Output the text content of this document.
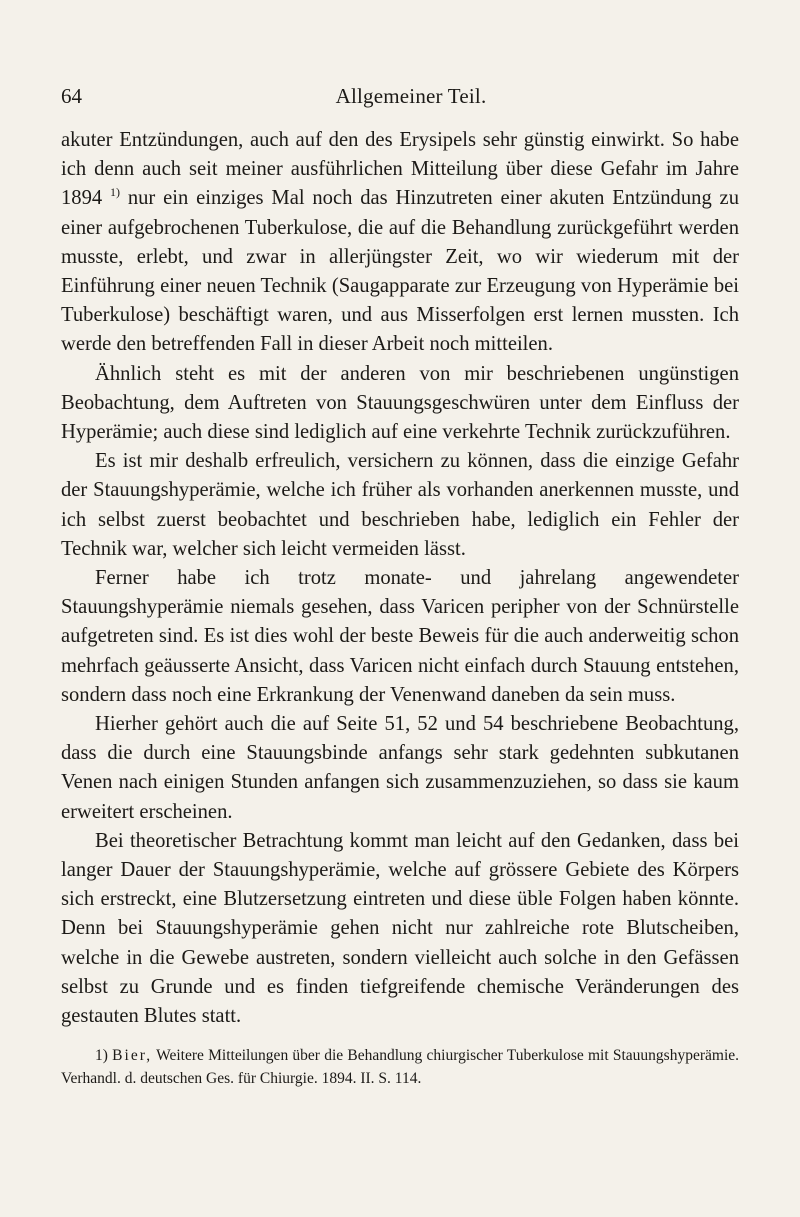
64	Allgemeiner Teil.

akuter Entzündungen, auch auf den des Erysipels sehr günstig einwirkt. So habe ich denn auch seit meiner ausführlichen Mitteilung über diese Gefahr im Jahre 1894 $^{1)}$ nur ein einziges Mal noch das Hinzutreten einer akuten Entzündung zu einer aufgebrochenen Tuberkulose, die auf die Behandlung zurückgeführt werden musste, erlebt, und zwar in allerjüngster Zeit, wo wir wiederum mit der Einführung einer neuen Technik (Saugapparate zur Erzeugung von Hyperämie bei Tuberkulose) beschäftigt waren, und aus Misserfolgen erst lernen mussten. Ich werde den betreffenden Fall in dieser Arbeit noch mitteilen.

Ähnlich steht es mit der anderen von mir beschriebenen ungünstigen Beobachtung, dem Auftreten von Stauungsgeschwüren unter dem Einfluss der Hyperämie; auch diese sind lediglich auf eine verkehrte Technik zurückzuführen.

Es ist mir deshalb erfreulich, versichern zu können, dass die einzige Gefahr der Stauungshyperämie, welche ich früher als vorhanden anerkennen musste, und ich selbst zuerst beobachtet und beschrieben habe, lediglich ein Fehler der Technik war, welcher sich leicht vermeiden lässt.

Ferner habe ich trotz monate- und jahrelang angewendeter Stauungshyperämie niemals gesehen, dass Varicen peripher von der Schnürstelle aufgetreten sind. Es ist dies wohl der beste Beweis für die auch anderweitig schon mehrfach geäusserte Ansicht, dass Varicen nicht einfach durch Stauung entstehen, sondern dass noch eine Erkrankung der Venenwand daneben da sein muss.

Hierher gehört auch die auf Seite 51, 52 und 54 beschriebene Beobachtung, dass die durch eine Stauungsbinde anfangs sehr stark gedehnten subkutanen Venen nach einigen Stunden anfangen sich zusammenzuziehen, so dass sie kaum erweitert erscheinen.

Bei theoretischer Betrachtung kommt man leicht auf den Gedanken, dass bei langer Dauer der Stauungshyperämie, welche auf grössere Gebiete des Körpers sich erstreckt, eine Blutzersetzung eintreten und diese üble Folgen haben könnte. Denn bei Stauungshyperämie gehen nicht nur zahlreiche rote Blutscheiben, welche in die Gewebe austreten, sondern vielleicht auch solche in den Gefässen selbst zu Grunde und es finden tiefgreifende chemische Veränderungen des gestauten Blutes statt.

1) Bier, Weitere Mitteilungen über die Behandlung chiurgischer Tuberkulose mit Stauungshyperämie. Verhandl. d. deutschen Ges. für Chiurgie. 1894. II. S. 114.
